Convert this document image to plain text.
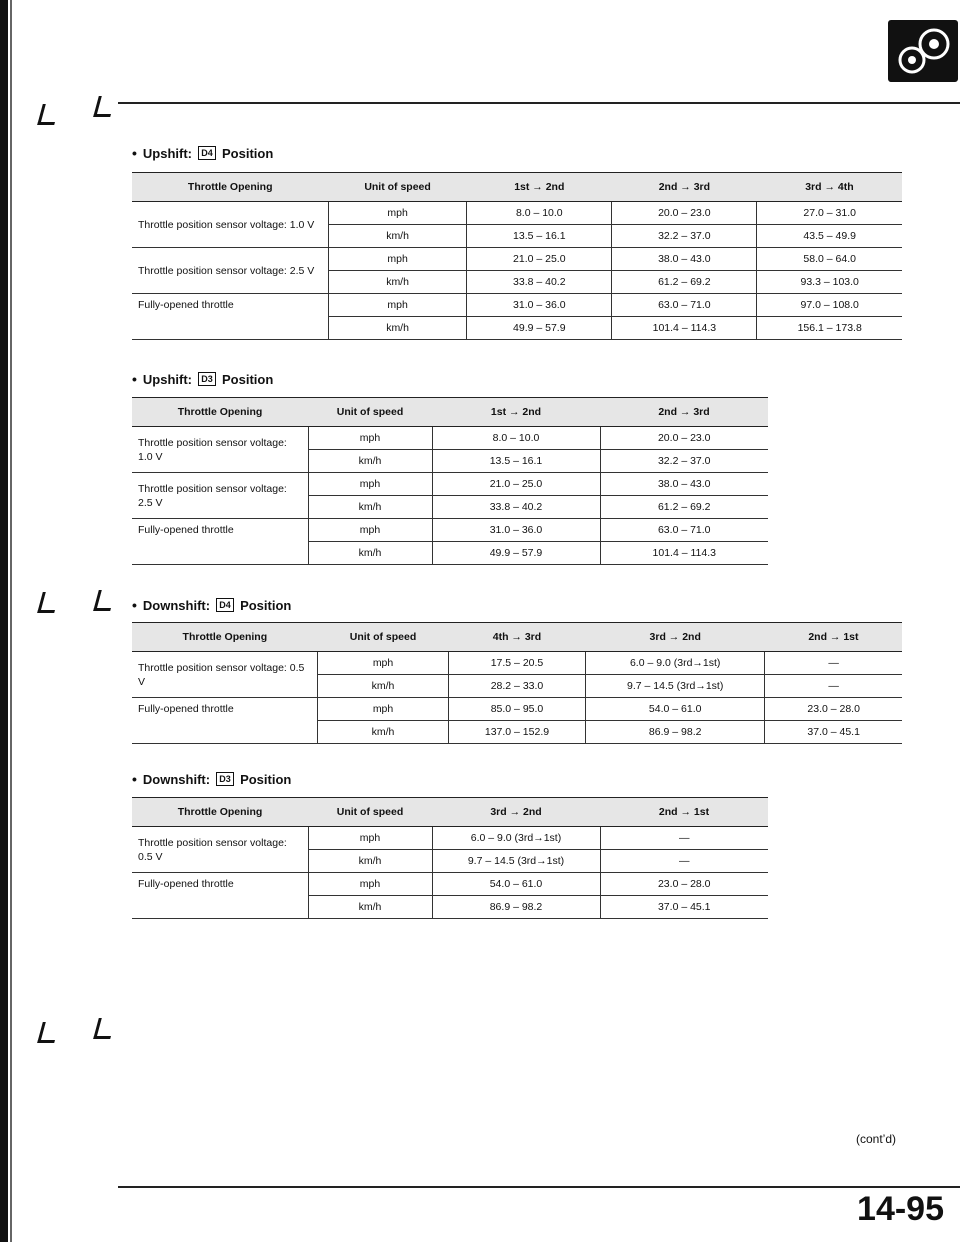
• Upshift:	D4 Position
Throttle Opening	Unit of speed	1st → 2nd	2nd → 3rd	3rd → 4th
Throttle position sensor voltage: 1.0 V	mph	8.0 – 10.0	20.0 – 23.0	27.0 – 31.0
	km/h	13.5 – 16.1	32.2 – 37.0	43.5 – 49.9
Throttle position sensor voltage: 2.5 V	mph	21.0 – 25.0	38.0 – 43.0	58.0 – 64.0
	km/h	33.8 – 40.2	61.2 – 69.2	93.3 – 103.0
Fully-opened throttle	mph	31.0 – 36.0	63.0 – 71.0	97.0 – 108.0
	km/h	49.9 – 57.9	101.4 – 114.3	156.1 – 173.8
• Upshift:	D3 Position
Throttle Opening	Unit of speed	1st → 2nd	2nd → 3rd
Throttle position sensor voltage: 1.0 V	mph	8.0 – 10.0	20.0 – 23.0
	km/h	13.5 – 16.1	32.2 – 37.0
Throttle position sensor voltage: 2.5 V	mph	21.0 – 25.0	38.0 – 43.0
	km/h	33.8 – 40.2	61.2 – 69.2
Fully-opened throttle	mph	31.0 – 36.0	63.0 – 71.0
	km/h	49.9 – 57.9	101.4 – 114.3
• Downshift:	D4 Position
Throttle Opening	Unit of speed	4th → 3rd	3rd → 2nd	2nd → 1st
Throttle position sensor voltage: 0.5 V	mph	17.5 – 20.5	6.0 – 9.0 (3rd→1st)	—
	km/h	28.2 – 33.0	9.7 – 14.5 (3rd→1st)	—
Fully-opened throttle	mph	85.0 – 95.0	54.0 – 61.0	23.0 – 28.0
	km/h	137.0 – 152.9	86.9 – 98.2	37.0 – 45.1
• Downshift:	D3 Position
Throttle Opening	Unit of speed	3rd → 2nd	2nd → 1st
Throttle position sensor voltage: 0.5 V	mph	6.0 – 9.0 (3rd→1st)	—
	km/h	9.7 – 14.5 (3rd→1st)	—
Fully-opened throttle	mph	54.0 – 61.0	23.0 – 28.0
	km/h	86.9 – 98.2	37.0 – 45.1
(cont’d)
14-95
